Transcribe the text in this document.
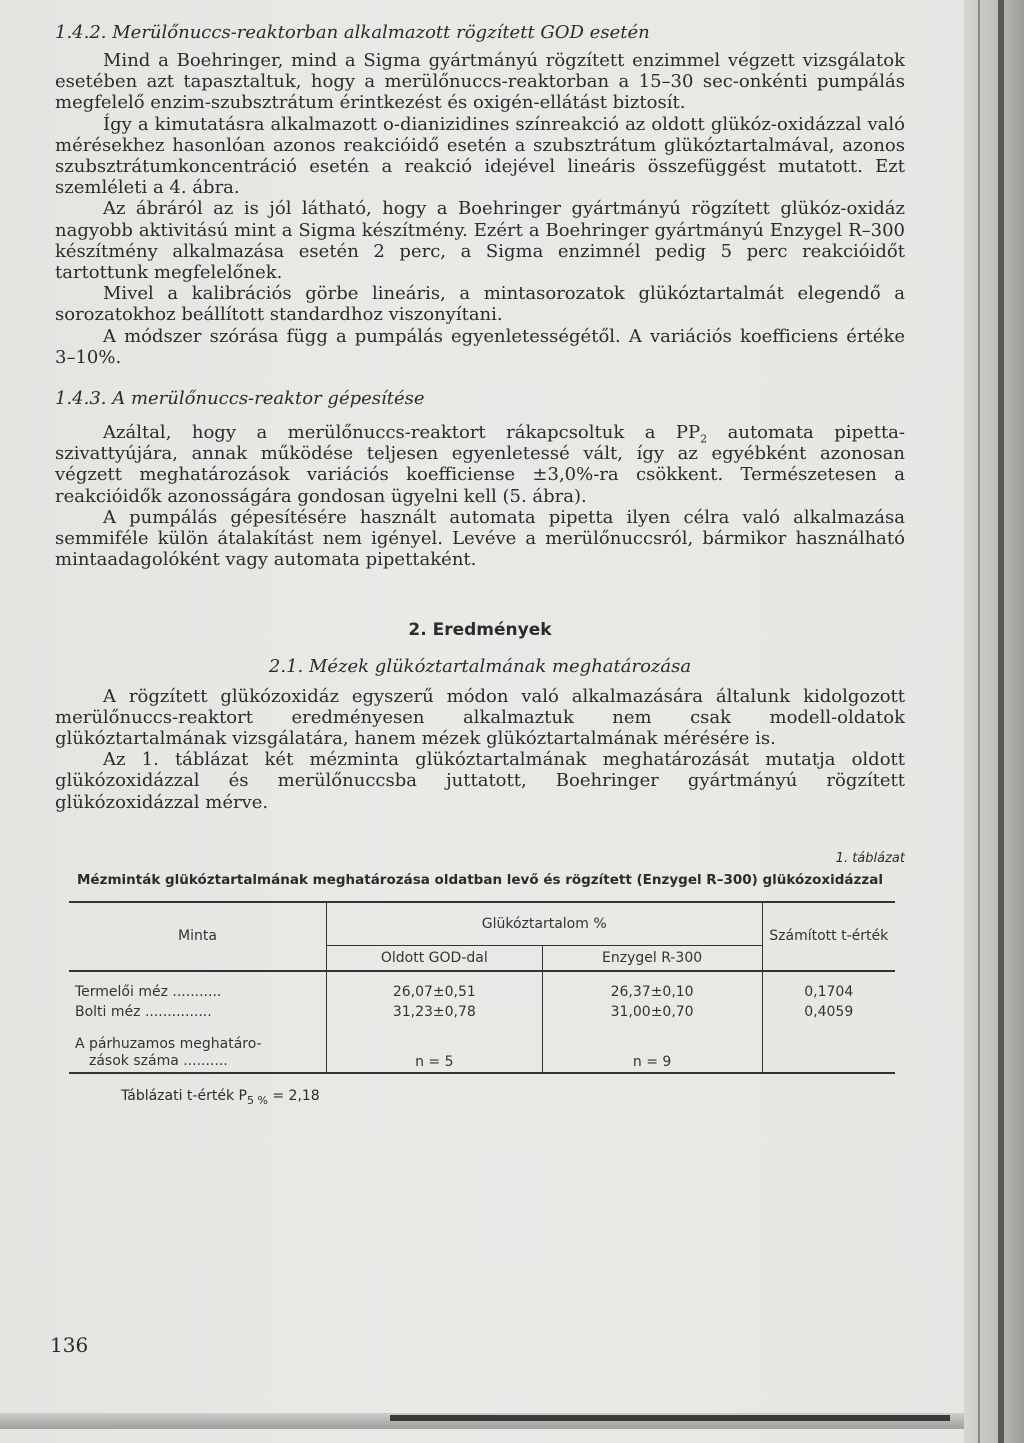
1.4.2. Merülőnuccs-reaktorban alkalmazott rögzített GOD esetén

Mind a Boehringer, mind a Sigma gyártmányú rögzített enzimmel végzett vizsgálatok esetében azt tapasztaltuk, hogy a merülőnuccs-reaktorban a 15–30 sec-onkénti pumpálás megfelelő enzim-szubsztrátum érintkezést és oxigén-ellátást biztosít.

Így a kimutatásra alkalmazott o-dianizidines színreakció az oldott glükóz-oxidázzal való mérésekhez hasonlóan azonos reakcióidő esetén a szubsztrátum glükóztartalmával, azonos szubsztrátumkoncentráció esetén a reakció idejével lineáris összefüggést mutatott. Ezt szemléleti a 4. ábra.

Az ábráról az is jól látható, hogy a Boehringer gyártmányú rögzített glükóz-oxidáz nagyobb aktivitású mint a Sigma készítmény. Ezért a Boehringer gyártmányú Enzygel R–300 készítmény alkalmazása esetén 2 perc, a Sigma enzimnél pedig 5 perc reakcióidőt tartottunk megfelelőnek.

Mivel a kalibrációs görbe lineáris, a mintasorozatok glükóztartalmát elegendő a sorozatokhoz beállított standardhoz viszonyítani.

A módszer szórása függ a pumpálás egyenletességétől. A variációs koefficiens értéke 3–10%.

1.4.3. A merülőnuccs-reaktor gépesítése

Azáltal, hogy a merülőnuccs-reaktort rákapcsoltuk a $PP_2$ automata pipetta-szivattyújára, annak működése teljesen egyenletessé vált, így az egyébként azonosan végzett meghatározások variációs koefficiense ±3,0%-ra csökkent. Természetesen a reakcióidők azonosságára gondosan ügyelni kell (5. ábra).

A pumpálás gépesítésére használt automata pipetta ilyen célra való alkalmazása semmiféle külön átalakítást nem igényel. Levéve a merülőnuccsról, bármikor használható mintaadagolóként vagy automata pipettaként.

2. Eredmények

2.1. Mézek glükóztartalmának meghatározása

A rögzített glükózoxidáz egyszerű módon való alkalmazására általunk kidolgozott merülőnuccs-reaktort eredményesen alkalmaztuk nem csak modell-oldatok glükóztartalmának vizsgálatára, hanem mézek glükóztartalmának mérésére is.

Az 1. táblázat két mézminta glükóztartalmának meghatározását mutatja oldott glükózoxidázzal és merülőnuccsba juttatott, Boehringer gyártmányú rögzített glükózoxidázzal mérve.

1. táblázat
Mézminták glükóztartalmának meghatározása oldatban levő és rögzített (Enzygel R–300) glükózoxidázzal
Minta	Glükóztartalom %		Számított t-érték
	Oldott GOD-dal	Enzygel R-300	
Termelői méz ...........	26,07±0,51	26,37±0,10	0,1704
Bolti méz ...............	31,23±0,78	31,00±0,70	0,4059
A párhuzamos meghatáro-
zások száma ..........	n = 5	n = 9	
Táblázati t-érték $P_{5 \%} = 2,18$
136
